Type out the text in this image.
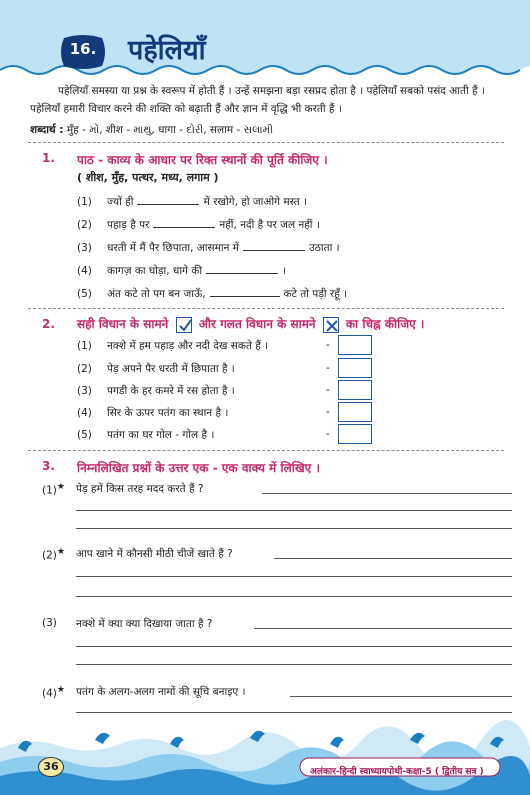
16.	पहेलियाँ
पहेलियाँ समस्या या प्रश्न के स्वरूप में होती हैं । उन्हें समझना बड़ा रसप्रद होता है । पहेलियाँ सबको पसंद आती हैं ।
पहेलियाँ हमारी विचार करने की शक्ति को बढ़ाती हैं और ज्ञान में वृद्धि भी करती हैं ।
शब्दार्थ : मुँह - મોં, शीश - માથું, धागा - દોરી, सलाम - સલામી
1. पाठ - काव्य के आधार पर रिक्त स्थानों की पूर्ति कीजिए ।
( शीश, मुँह, पत्थर, मध्य, लगाम )
(1) ज्यों ही	में रखोगे, हो जाओगे मस्त ।
(2) पहाड़ है पर	नहीं, नदी है पर जल नहीं ।
(3) धरती में मैं पैर छिपाता, आसमान में	उठाता ।
(4) कागज़ का घोड़ा, धागे की	।
(5) अंत कटे तो पग बन जाऊँ,	कटे तो पड़ी रहूँ ।
2. सही विधान के सामने	और गलत विधान के सामने	का चिह्न कीजिए ।
(1) नक्शे में हम पहाड़ और नदी देख सकते हैं ।	-
(2) पेड़ अपने पैर धरती में छिपाता है ।	-
(3) पगडी के हर कमरे में रस होता है ।	-
(4) सिर के ऊपर पतंग का स्थान है ।	-
(5) पतंग का घर गोल - गोल है ।	-
3. निम्नलिखित प्रश्नों के उत्तर एक - एक वाक्य में लिखिए ।
(1)★ पेड़ हमें किस तरह मदद करते हैं ?
(2)★ आप खाने में कौनसी मीठी चीजें खाते हैं ?
(3) नक्शे में क्या क्या दिखाया जाता है ?
(4)★ पतंग के अलग-अलग नामों की सूचि बनाइए ।
36	अलंकार-हिन्दी स्वाध्यायपोथी-कक्षा-5 ( द्वितीय सत्र )
